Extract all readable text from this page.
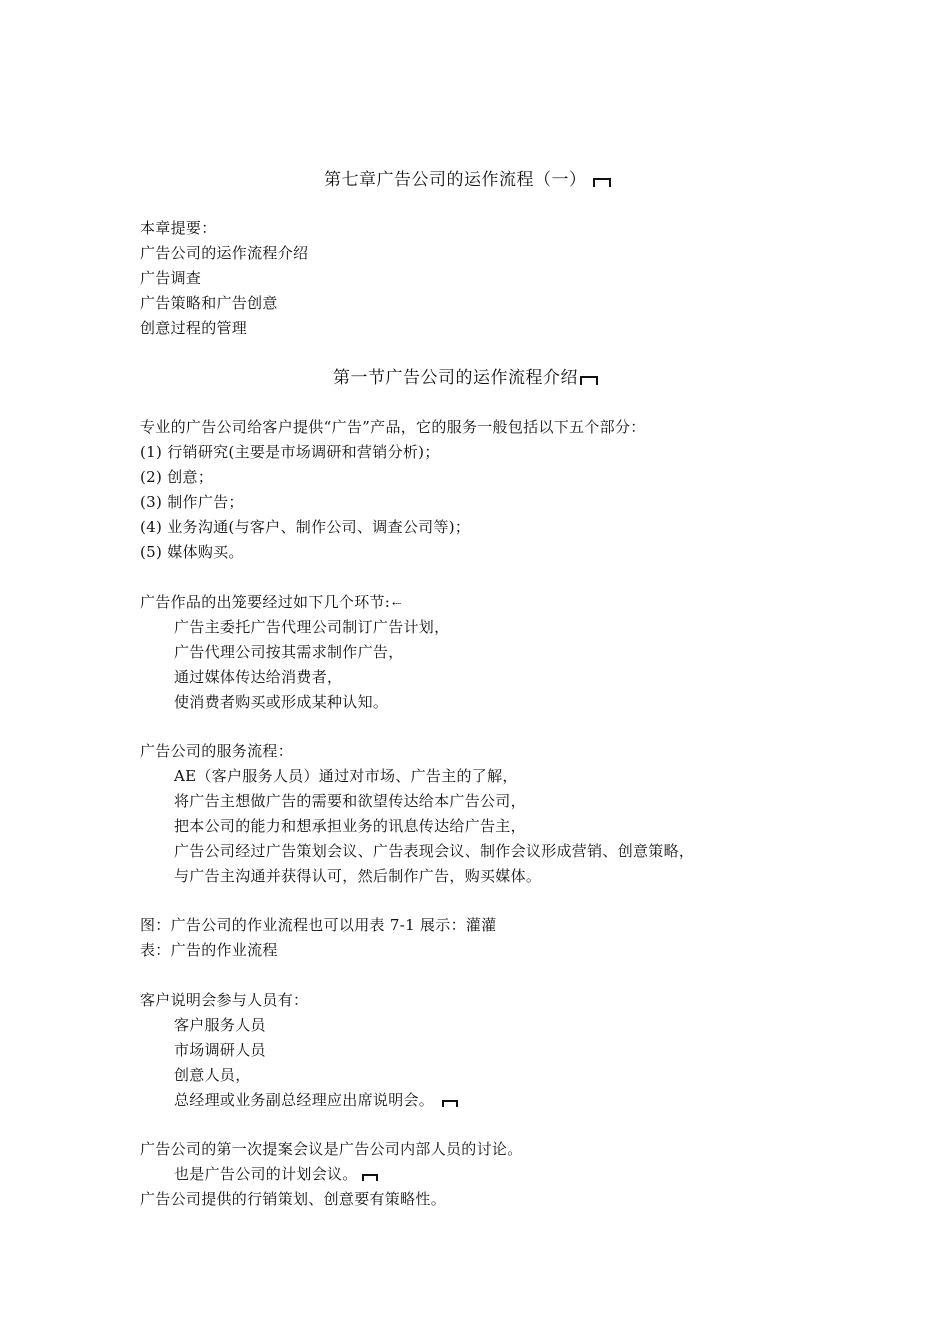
第七章广告公司的运作流程（一）
本章提要：
广告公司的运作流程介绍
广告调查
广告策略和广告创意
创意过程的管理
第一节广告公司的运作流程介绍
专业的广告公司给客户提供“广告”产品，它的服务一般包括以下五个部分：
(1) 行销研究(主要是市场调研和营销分析)；
(2) 创意；
(3) 制作广告；
(4) 业务沟通(与客户、制作公司、调查公司等)；
(5) 媒体购买。
广告作品的出笼要经过如下几个环节: ⇠
广告主委托广告代理公司制订广告计划，
广告代理公司按其需求制作广告，
通过媒体传达给消费者，
使消费者购买或形成某种认知。
广告公司的服务流程：
AE（客户服务人员）通过对市场、广告主的了解，
将广告主想做广告的需要和欲望传达给本广告公司，
把本公司的能力和想承担业务的讯息传达给广告主，
广告公司经过广告策划会议、广告表现会议、制作会议形成营销、创意策略，
与广告主沟通并获得认可，然后制作广告，购买媒体。
图：广告公司的作业流程也可以用表 7-1 展示：灌灌
表：广告的作业流程
客户说明会参与人员有：
客户服务人员
市场调研人员
创意人员，
总经理或业务副总经理应出席说明会。
广告公司的第一次提案会议是广告公司内部人员的讨论。
也是广告公司的计划会议。
广告公司提供的行销策划、创意要有策略性。
